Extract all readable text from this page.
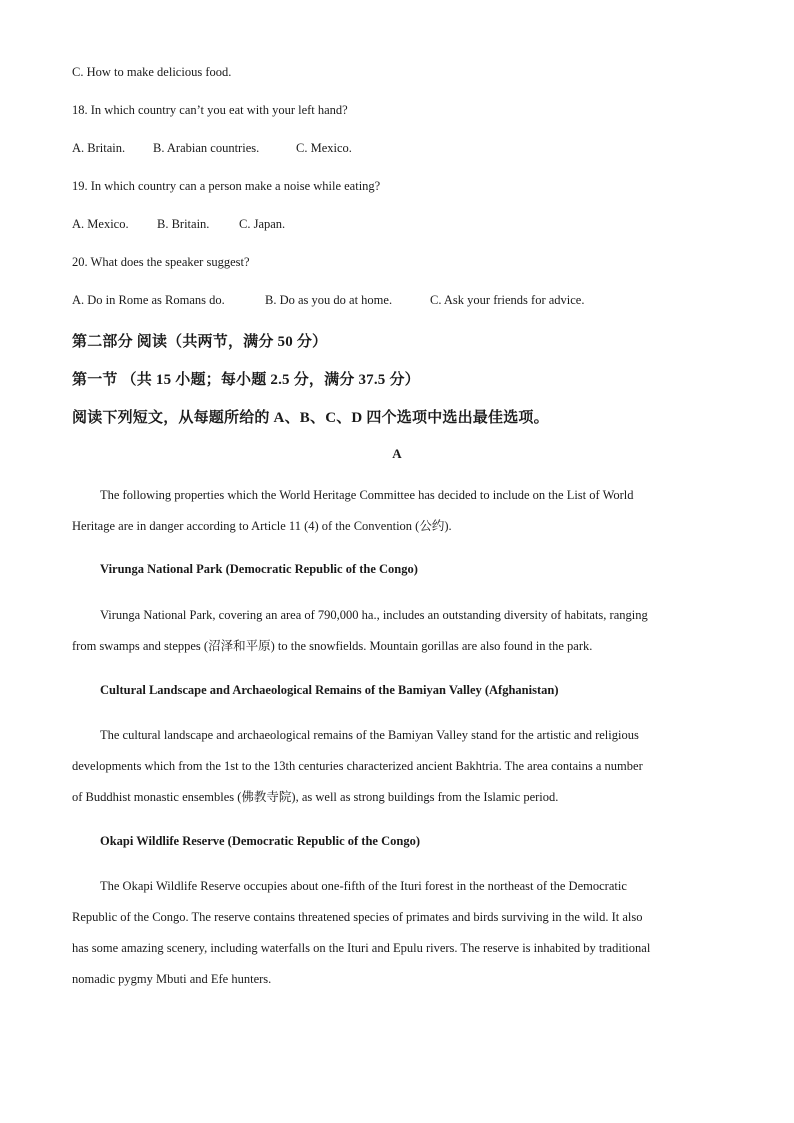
C. How to make delicious food.
18. In which country can’t you eat with your left hand?
A. Britain. B. Arabian countries.	C. Mexico.
19. In which country can a person make a noise while eating?
A. Mexico. B. Britain. C. Japan.
20. What does the speaker suggest?
A. Do in Rome as Romans do.	B. Do as you do at home.	C. Ask your friends for advice.
第二部分 阅读（共两节，满分 50 分）
第一节 （共 15 小题；每小题 2.5 分，满分 37.5 分）
阅读下列短文，从每题所给的 A、B、C、D 四个选项中选出最佳选项。
A
The following properties which the World Heritage Committee has decided to include on the List of World
Heritage are in danger according to Article 11 (4) of the Convention (公约).
Virunga National Park (Democratic Republic of the Congo)
Virunga National Park, covering an area of 790,000 ha., includes an outstanding diversity of habitats, ranging
from swamps and steppes (沼泽和平原) to the snowfields. Mountain gorillas are also found in the park.
Cultural Landscape and Archaeological Remains of the Bamiyan Valley (Afghanistan)
The cultural landscape and archaeological remains of the Bamiyan Valley stand for the artistic and religious
developments which from the 1st to the 13th centuries characterized ancient Bakhtria. The area contains a number
of Buddhist monastic ensembles (佛教寺院), as well as strong buildings from the Islamic period.
Okapi Wildlife Reserve (Democratic Republic of the Congo)
The Okapi Wildlife Reserve occupies about one-fifth of the Ituri forest in the northeast of the Democratic
Republic of the Congo. The reserve contains threatened species of primates and birds surviving in the wild. It also
has some amazing scenery, including waterfalls on the Ituri and Epulu rivers. The reserve is inhabited by traditional
nomadic pygmy Mbuti and Efe hunters.
